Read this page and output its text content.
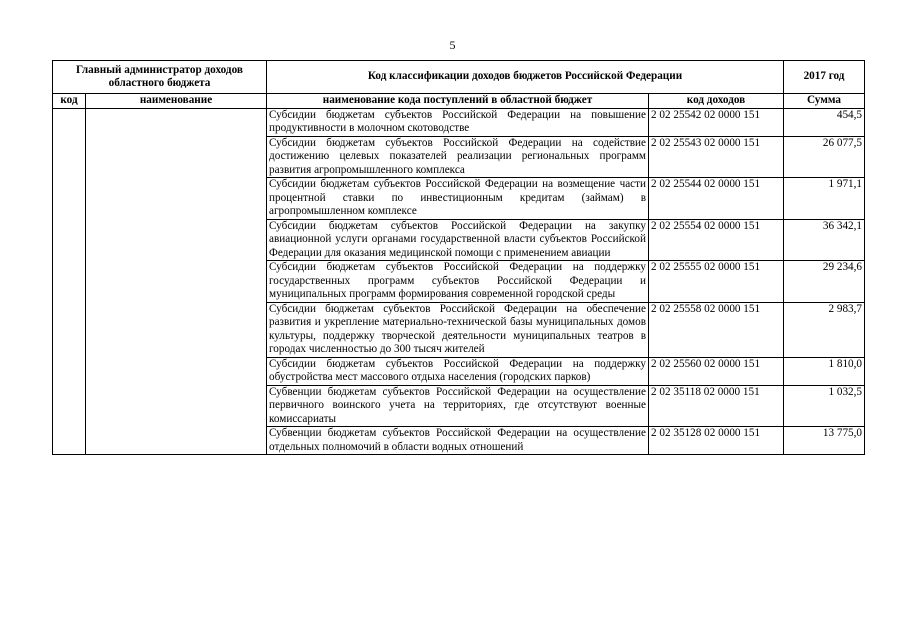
5
Главный администратор доходов областного бюджета		Код классификации доходов бюджетов Российской Федерации		2017 год
код	наименование	наименование кода поступлений в областной бюджет	код доходов	Сумма
		Субсидии бюджетам субъектов Российской Федерации на повышение продуктивности в молочном скотоводстве	2 02 25542 02 0000 151	454,5
		Субсидии бюджетам субъектов Российской Федерации на содействие достижению целевых показателей реализации региональных программ развития агропромышленного комплекса	2 02 25543 02 0000 151	26 077,5
		Субсидии бюджетам субъектов Российской Федерации на возмещение части процентной ставки по инвестиционным кредитам (займам) в агропромышленном комплексе	2 02 25544 02 0000 151	1 971,1
		Субсидии бюджетам субъектов Российской Федерации на закупку авиационной услуги органами государственной власти субъектов Российской Федерации для оказания медицинской помощи с применением авиации	2 02 25554 02 0000 151	36 342,1
		Субсидии бюджетам субъектов Российской Федерации на поддержку государственных программ субъектов Российской Федерации и муниципальных программ формирования современной городской среды	2 02 25555 02 0000 151	29 234,6
		Субсидии бюджетам субъектов Российской Федерации на обеспечение развития и укрепление материально-технической базы муниципальных домов культуры, поддержку творческой деятельности муниципальных театров в городах численностью до 300 тысяч жителей	2 02 25558 02 0000 151	2 983,7
		Субсидии бюджетам субъектов Российской Федерации на поддержку обустройства мест массового отдыха населения (городских парков)	2 02 25560 02 0000 151	1 810,0
		Субвенции бюджетам субъектов Российской Федерации на осуществление первичного воинского учета на территориях, где отсутствуют военные комиссариаты	2 02 35118 02 0000 151	1 032,5
		Субвенции бюджетам субъектов Российской Федерации на осуществление отдельных полномочий в области водных отношений	2 02 35128 02 0000 151	13 775,0
